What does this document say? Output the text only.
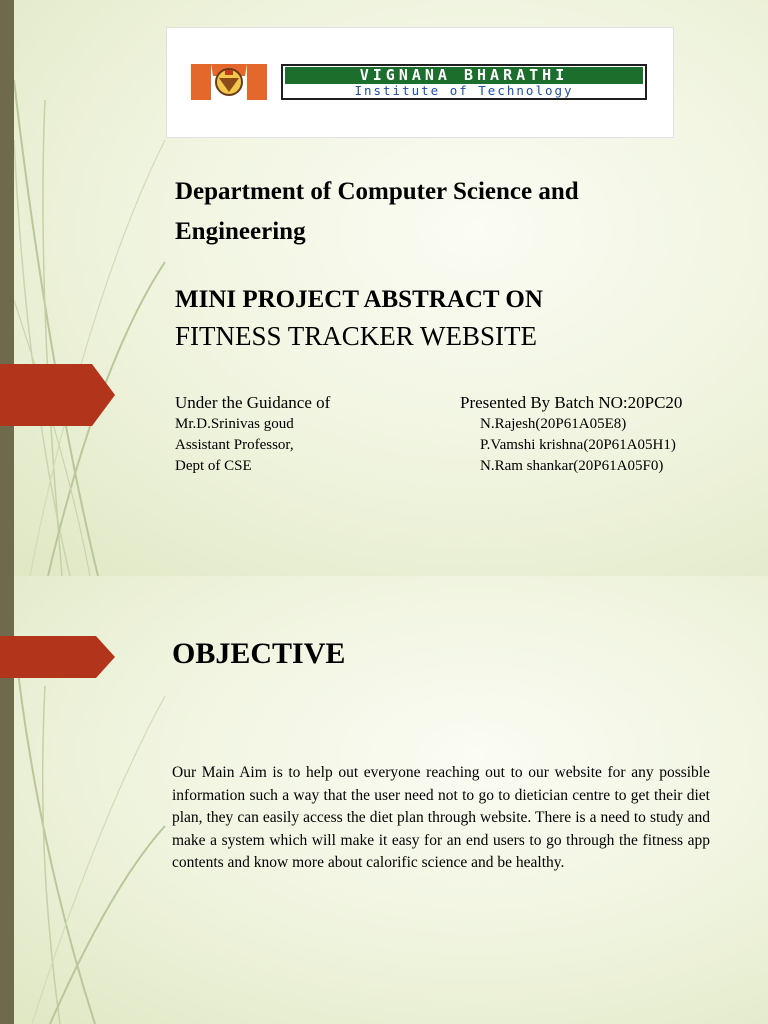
VIGNANA BHARATHI
Institute of Technology

Department of Computer Science and Engineering

MINI PROJECT ABSTRACT ON

FITNESS TRACKER WEBSITE

Under the Guidance of
Mr.D.Srinivas goud
Assistant Professor,
Dept of CSE
Presented By Batch NO:20PC20
N.Rajesh(20P61A05E8)
P.Vamshi krishna(20P61A05H1)
N.Ram shankar(20P61A05F0)

OBJECTIVE

Our Main Aim is to help out everyone reaching out to our website for any possible information such a way that the user need not to go to dietician centre to get their diet plan, they can easily access the diet plan through website. There is a need to study and make a system which will make it easy for an end users to go through the fitness app contents and know more about calorific science and be healthy.
